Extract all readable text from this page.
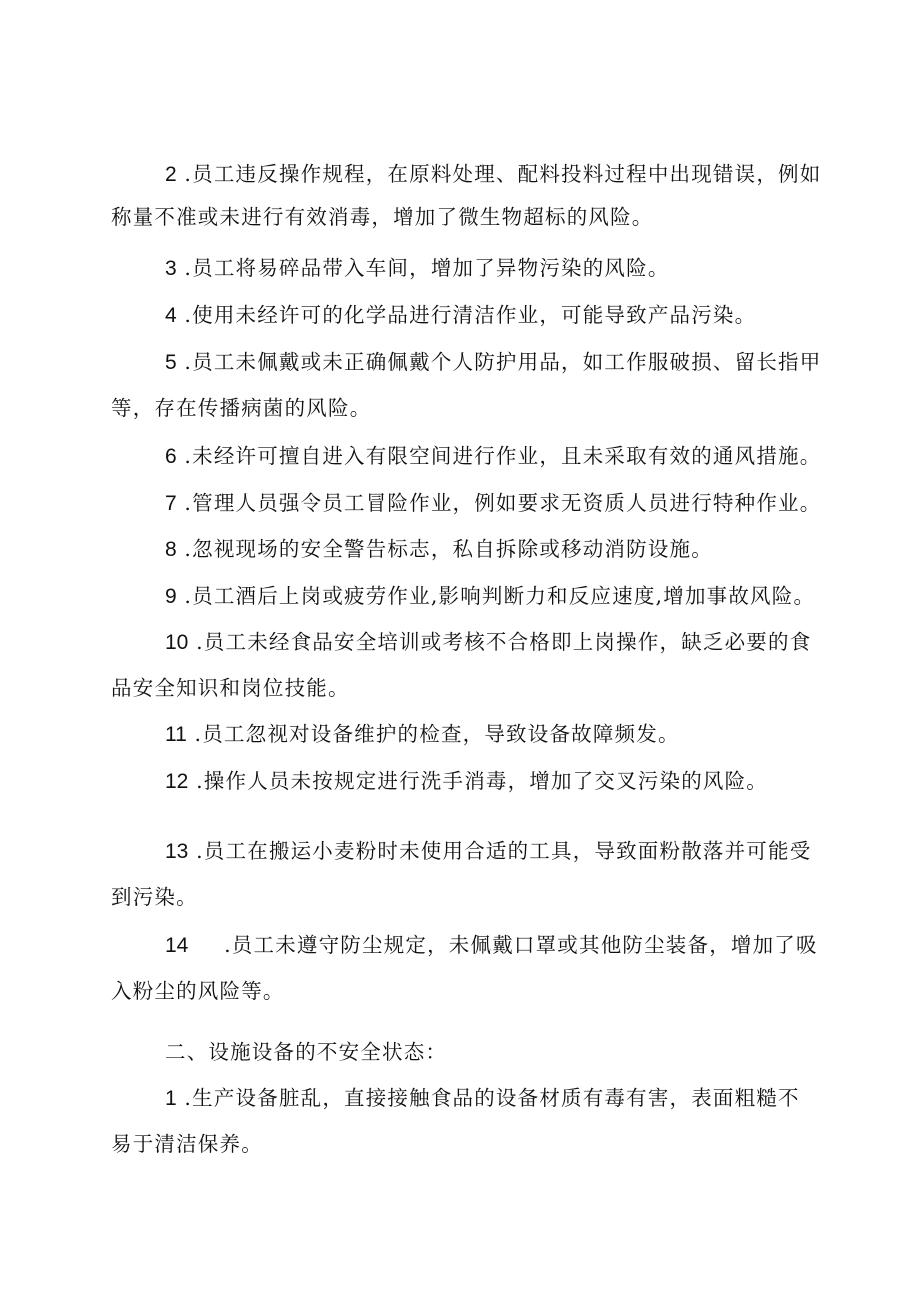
2 .员工违反操作规程，在原料处理、配料投料过程中出现错误，例如
称量不准或未进行有效消毒，增加了微生物超标的风险。
3 .员工将易碎品带入车间，增加了异物污染的风险。
4 .使用未经许可的化学品进行清洁作业，可能导致产品污染。
5 .员工未佩戴或未正确佩戴个人防护用品，如工作服破损、留长指甲
等，存在传播病菌的风险。
6 .未经许可擅自进入有限空间进行作业，且未采取有效的通风措施。
7 .管理人员强令员工冒险作业，例如要求无资质人员进行特种作业。
8 .忽视现场的安全警告标志，私自拆除或移动消防设施。
9 .员工酒后上岗或疲劳作业,影响判断力和反应速度,增加事故风险。
10 .员工未经食品安全培训或考核不合格即上岗操作，缺乏必要的食
品安全知识和岗位技能。
11 .员工忽视对设备维护的检查，导致设备故障频发。
12 .操作人员未按规定进行洗手消毒，增加了交叉污染的风险。
13 .员工在搬运小麦粉时未使用合适的工具，导致面粉散落并可能受
到污染。
14 .员工未遵守防尘规定，未佩戴口罩或其他防尘装备，增加了吸
入粉尘的风险等。
二、设施设备的不安全状态：
1 .生产设备脏乱，直接接触食品的设备材质有毒有害，表面粗糙不
易于清洁保养。
